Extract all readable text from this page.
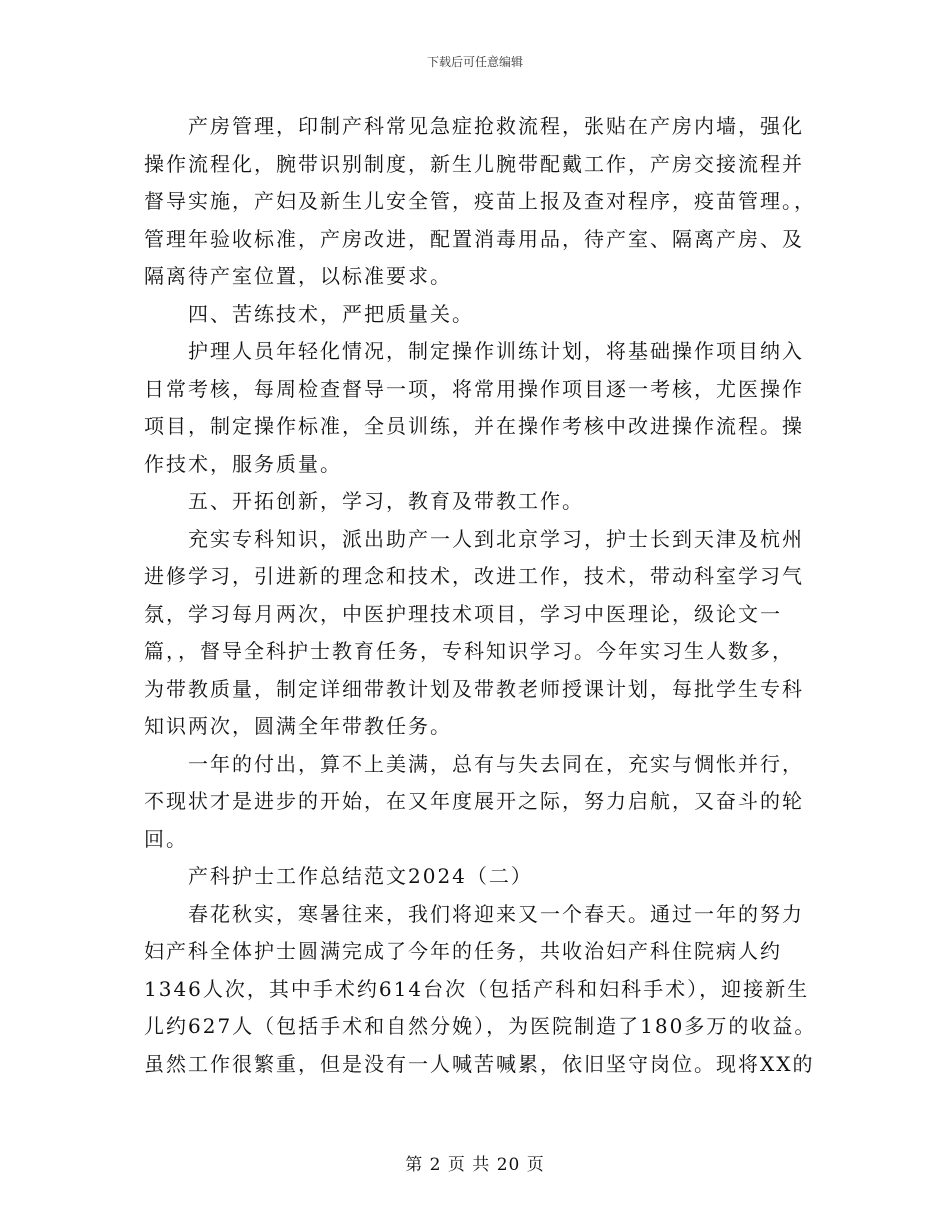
下载后可任意编辑
产房管理，印制产科常见急症抢救流程，张贴在产房内墙，强化
操作流程化，腕带识别制度，新生儿腕带配戴工作，产房交接流程并
督导实施，产妇及新生儿安全管，疫苗上报及查对程序，疫苗管理。，
管理年验收标准，产房改进，配置消毒用品，待产室、隔离产房、及
隔离待产室位置，以标准要求。
四、苦练技术，严把质量关。
护理人员年轻化情况，制定操作训练计划，将基础操作项目纳入
日常考核，每周检查督导一项，将常用操作项目逐一考核，尤医操作
项目，制定操作标准，全员训练，并在操作考核中改进操作流程。操
作技术，服务质量。
五、开拓创新，学习，教育及带教工作。
充实专科知识，派出助产一人到北京学习，护士长到天津及杭州
进修学习，引进新的理念和技术，改进工作，技术，带动科室学习气
氛，学习每月两次，中医护理技术项目，学习中医理论，级论文一
篇，，督导全科护士教育任务，专科知识学习。今年实习生人数多，
为带教质量，制定详细带教计划及带教老师授课计划，每批学生专科
知识两次，圆满全年带教任务。
一年的付出，算不上美满，总有与失去同在，充实与惆怅并行，
不现状才是进步的开始，在又年度展开之际，努力启航，又奋斗的轮
回。
产科护士工作总结范文2024（二）
春花秋实，寒暑往来，我们将迎来又一个春天。通过一年的努力
妇产科全体护士圆满完成了今年的任务，共收治妇产科住院病人约
1346人次，其中手术约614台次（包括产科和妇科手术），迎接新生
儿约627人（包括手术和自然分娩），为医院制造了180多万的收益。
虽然工作很繁重，但是没有一人喊苦喊累，依旧坚守岗位。现将XX的
第 2 页 共 20 页
